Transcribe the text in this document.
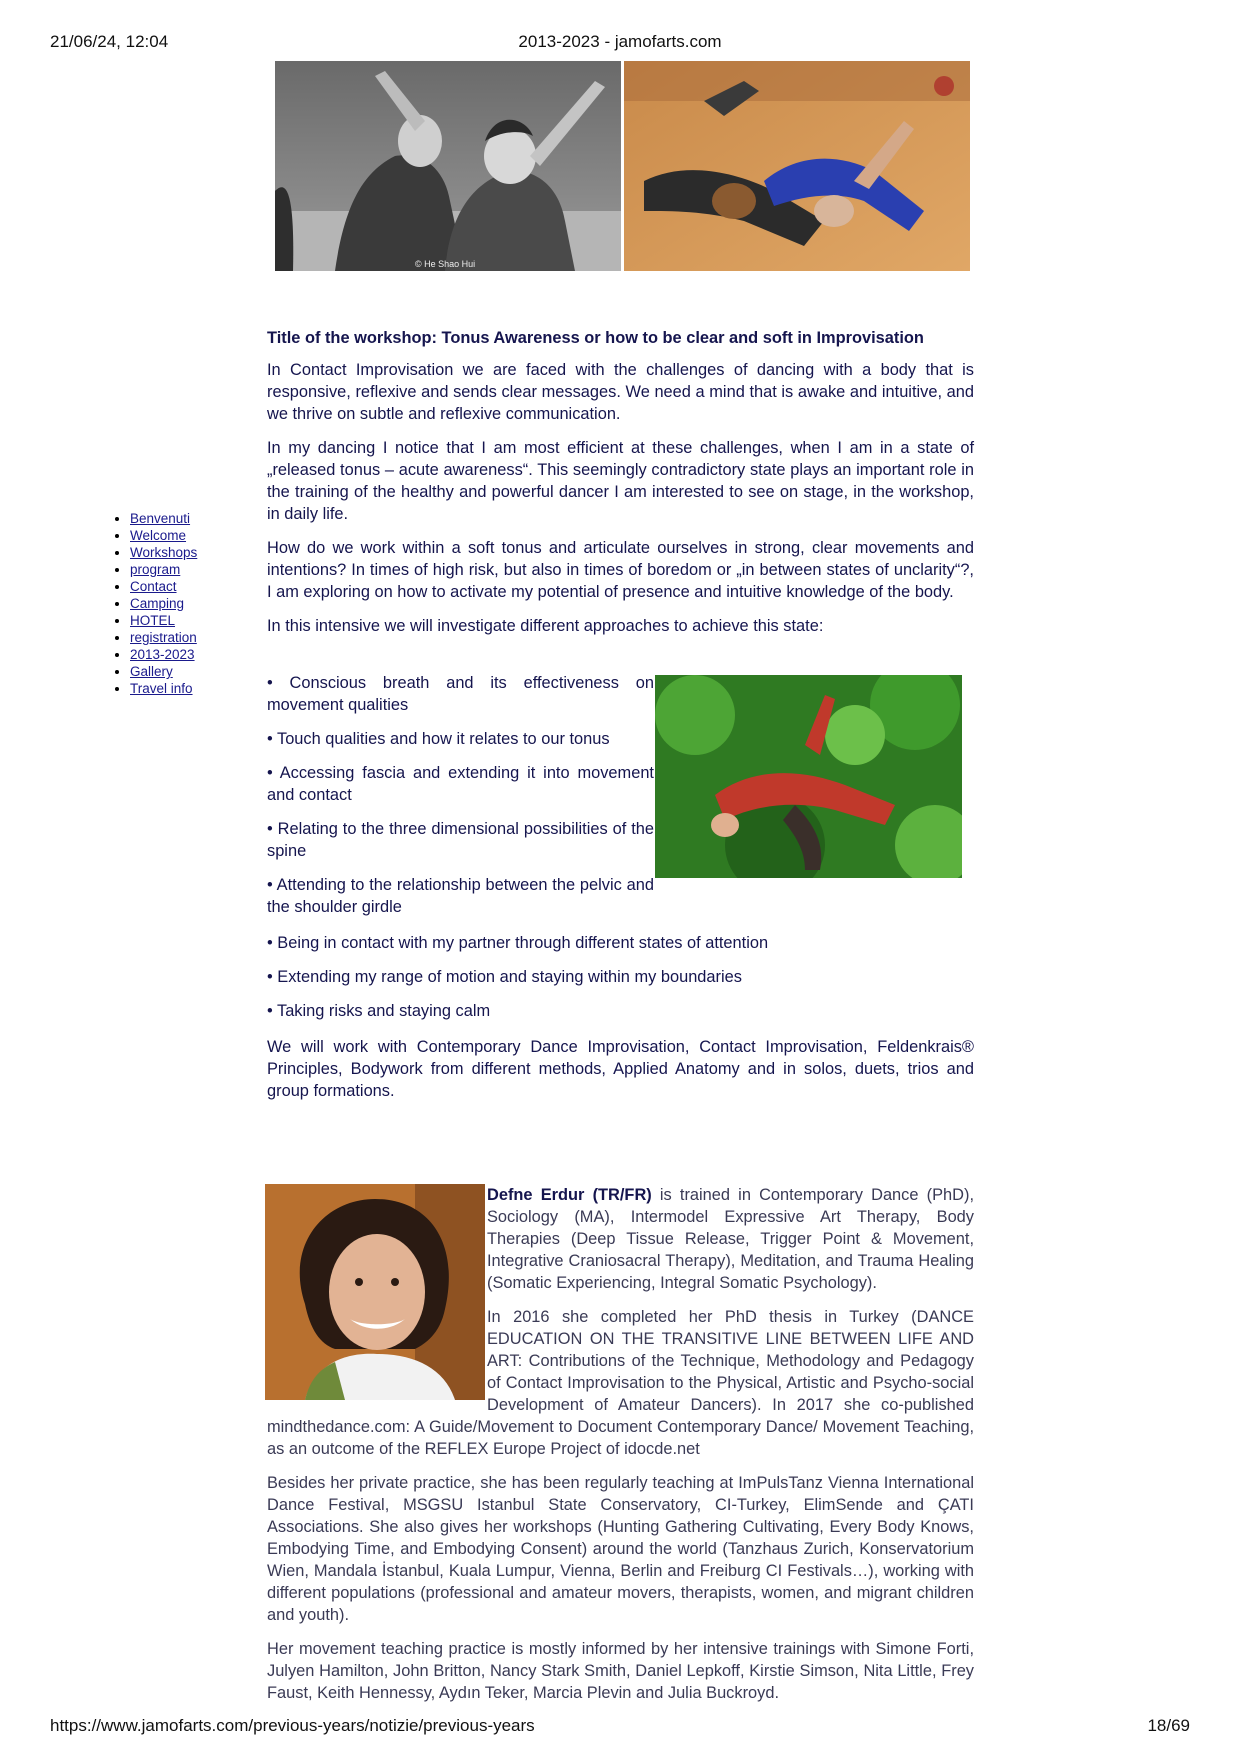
21/06/24, 12:04	2013-2023 - jamofarts.com
© He Shao Hui
• Benvenuti
• Welcome
• Workshops
• program
• Contact
• Camping
• HOTEL
• registration
• 2013-2023
• Gallery
• Travel info
Title of the workshop: Tonus Awareness or how to be clear and soft in Improvisation

In Contact Improvisation we are faced with the challenges of dancing with a body that is responsive, reflexive and sends clear messages. We need a mind that is awake and intuitive, and we thrive on subtle and reflexive communication.

In my dancing I notice that I am most efficient at these challenges, when I am in a state of „released tonus – acute awareness“. This seemingly contradictory state plays an important role in the training of the healthy and powerful dancer I am interested to see on stage, in the workshop, in daily life.

How do we work within a soft tonus and articulate ourselves in strong, clear movements and intentions? In times of high risk, but also in times of boredom or „in between states of unclarity“?, I am exploring on how to activate my potential of presence and intuitive knowledge of the body.

In this intensive we will investigate different approaches to achieve this state:

• Conscious breath and its effectiveness on movement qualities

• Touch qualities and how it relates to our tonus

• Accessing fascia and extending it into movement and contact

• Relating to the three dimensional possibilities of the spine

• Attending to the relationship between the pelvic and the shoulder girdle

• Being in contact with my partner through different states of attention

• Extending my range of motion and staying within my boundaries

• Taking risks and staying calm

We will work with Contemporary Dance Improvisation, Contact Improvisation, Feldenkrais® Principles, Bodywork from different methods, Applied Anatomy and in solos, duets, trios and group formations.

Defne Erdur (TR/FR) is trained in Contemporary Dance (PhD), Sociology (MA), Intermodel Expressive Art Therapy, Body Therapies (Deep Tissue Release, Trigger Point & Movement, Integrative Craniosacral Therapy), Meditation, and Trauma Healing (Somatic Experiencing, Integral Somatic Psychology).

In 2016 she completed her PhD thesis in Turkey (DANCE EDUCATION ON THE TRANSITIVE LINE BETWEEN LIFE AND ART: Contributions of the Technique, Methodology and Pedagogy of Contact Improvisation to the Physical, Artistic and Psycho-social Development of Amateur Dancers). In 2017 she co-published mindthedance.com: A Guide/Movement to Document Contemporary Dance/ Movement Teaching, as an outcome of the REFLEX Europe Project of idocde.net

Besides her private practice, she has been regularly teaching at ImPulsTanz Vienna International Dance Festival, MSGSU Istanbul State Conservatory, CI-Turkey, ElimSende and ÇATI Associations. She also gives her workshops (Hunting Gathering Cultivating, Every Body Knows, Embodying Time, and Embodying Consent) around the world (Tanzhaus Zurich, Konservatorium Wien, Mandala İstanbul, Kuala Lumpur, Vienna, Berlin and Freiburg CI Festivals…), working with different populations (professional and amateur movers, therapists, women, and migrant children and youth).

Her movement teaching practice is mostly informed by her intensive trainings with Simone Forti, Julyen Hamilton, John Britton, Nancy Stark Smith, Daniel Lepkoff, Kirstie Simson, Nita Little, Frey Faust, Keith Hennessy, Aydın Teker, Marcia Plevin and Julia Buckroyd.

https://www.jamofarts.com/previous-years/notizie/previous-years	18/69
